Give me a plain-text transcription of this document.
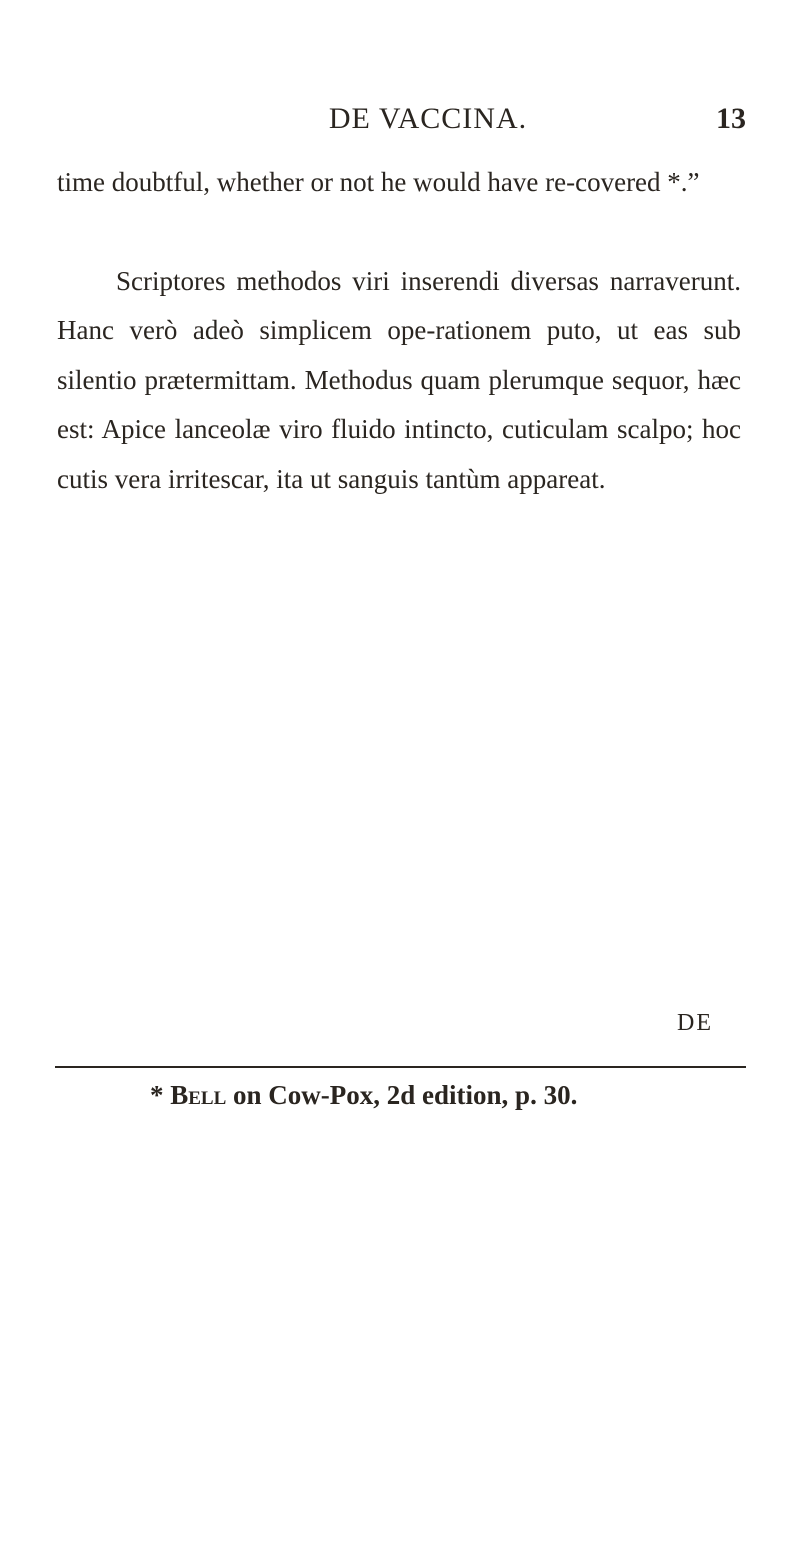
DE VACCINA.	13

time doubtful, whether or not he would have re-covered *.”

Scriptores methodos viri inserendi diversas narraverunt. Hanc verò adeò simplicem ope-rationem puto, ut eas sub silentio prætermittam. Methodus quam plerumque sequor, hæc est: Apice lanceolæ viro fluido intincto, cuticulam scalpo; hoc cutis vera irritescar, ita ut sanguis tantùm appareat.

DE
* Bell on Cow-Pox, 2d edition, p. 30.
